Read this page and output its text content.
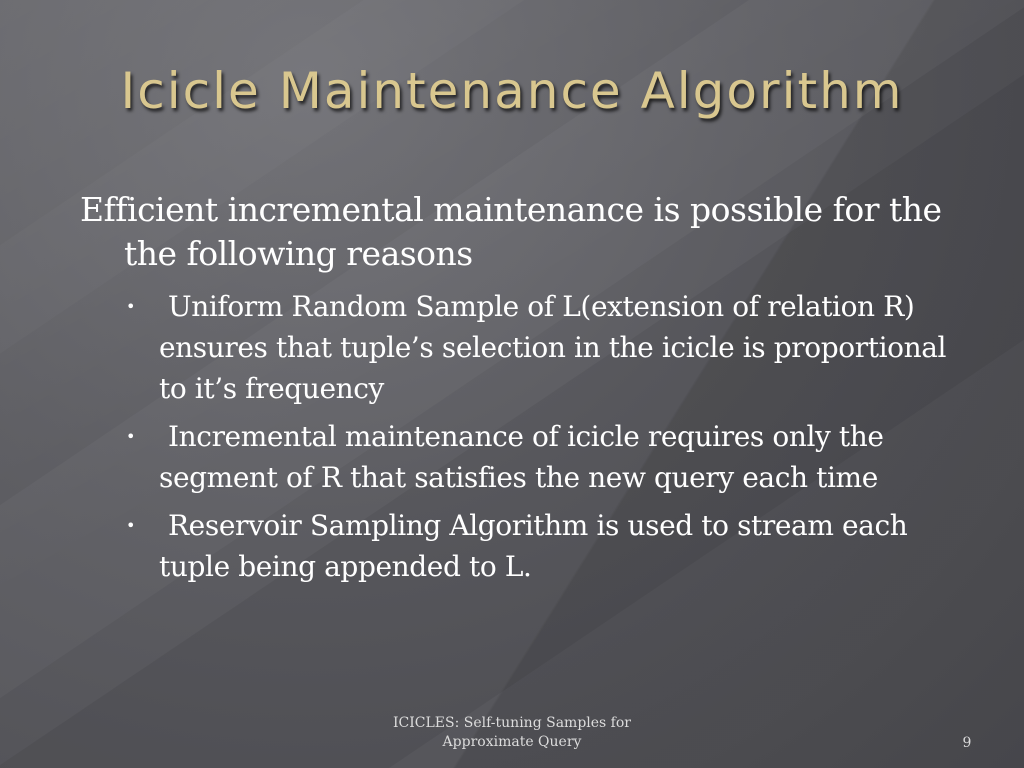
Icicle Maintenance Algorithm

Efficient incremental maintenance is possible for the the following reasons

• Uniform Random Sample of L(extension of relation R) ensures that tuple’s selection in the icicle is proportional to it’s frequency
• Incremental maintenance of icicle requires only the segment of R that satisfies the new query each time
• Reservoir Sampling Algorithm is used to stream each tuple being appended to L.
ICICLES: Self-tuning Samples for
Approximate Query	9
